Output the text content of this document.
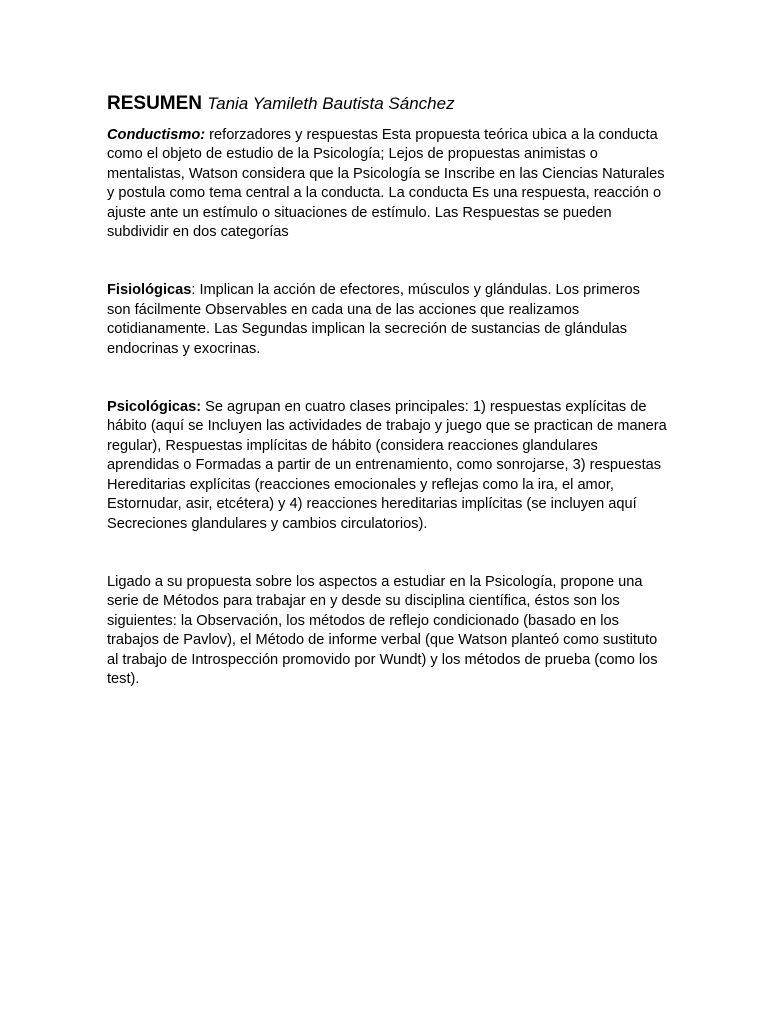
RESUMEN Tania Yamileth Bautista Sánchez

Conductismo: reforzadores y respuestas Esta propuesta teórica ubica a la conducta como el objeto de estudio de la Psicología; Lejos de propuestas animistas o mentalistas, Watson considera que la Psicología se Inscribe en las Ciencias Naturales y postula como tema central a la conducta. La conducta Es una respuesta, reacción o ajuste ante un estímulo o situaciones de estímulo. Las Respuestas se pueden subdividir en dos categorías

Fisiológicas: Implican la acción de efectores, músculos y glándulas. Los primeros son fácilmente Observables en cada una de las acciones que realizamos cotidianamente. Las Segundas implican la secreción de sustancias de glándulas endocrinas y exocrinas.

Psicológicas: Se agrupan en cuatro clases principales: 1) respuestas explícitas de hábito (aquí se Incluyen las actividades de trabajo y juego que se practican de manera regular), Respuestas implícitas de hábito (considera reacciones glandulares aprendidas o Formadas a partir de un entrenamiento, como sonrojarse, 3) respuestas Hereditarias explícitas (reacciones emocionales y reflejas como la ira, el amor, Estornudar, asir, etcétera) y 4) reacciones hereditarias implícitas (se incluyen aquí Secreciones glandulares y cambios circulatorios).

Ligado a su propuesta sobre los aspectos a estudiar en la Psicología, propone una serie de Métodos para trabajar en y desde su disciplina científica, éstos son los siguientes: la Observación, los métodos de reflejo condicionado (basado en los trabajos de Pavlov), el Método de informe verbal (que Watson planteó como sustituto al trabajo de Introspección promovido por Wundt) y los métodos de prueba (como los test).
